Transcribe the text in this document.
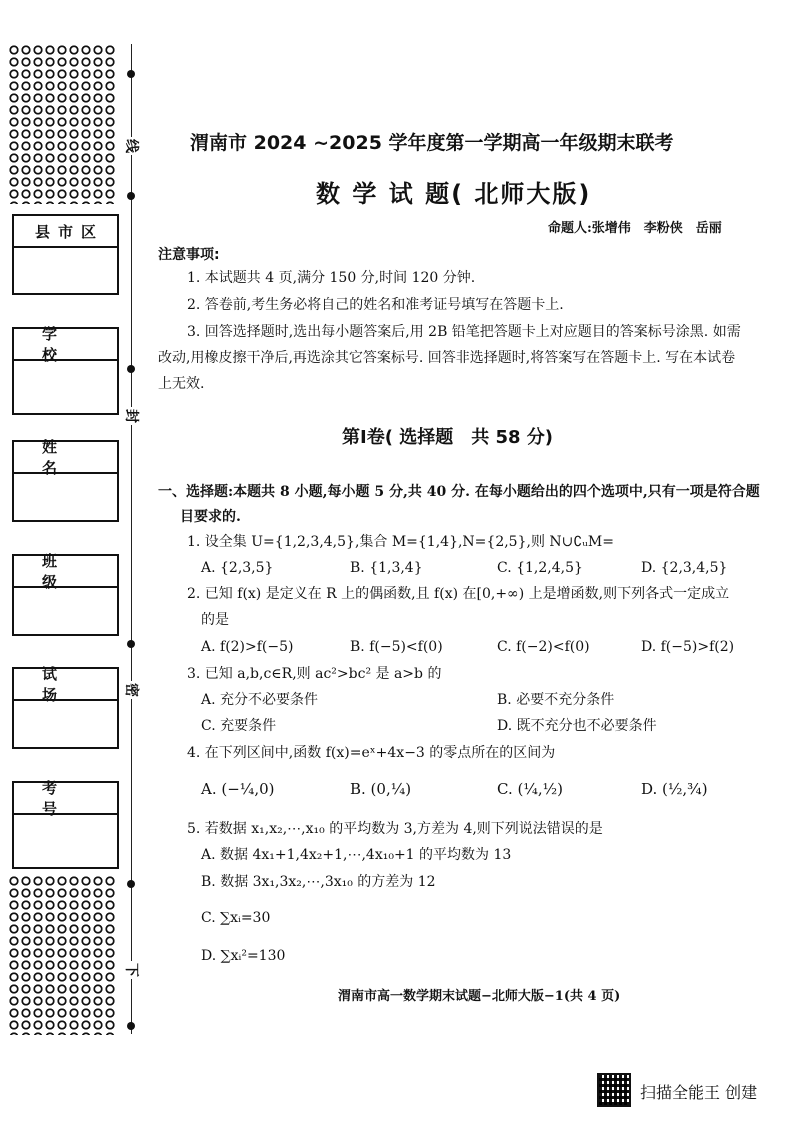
线
封
密
下
县市区
学校
姓名
班级
试场
考号
渭南市 2024 ~2025 学年度第一学期高一年级期末联考
数 学 试 题( 北师大版)
命题人:张增伟　李粉侠　岳丽
注意事项:
1. 本试题共 4 页,满分 150 分,时间 120 分钟.
2. 答卷前,考生务必将自己的姓名和准考证号填写在答题卡上.
3. 回答选择题时,选出每小题答案后,用 2B 铅笔把答题卡上对应题目的答案标号涂黑. 如需
改动,用橡皮擦干净后,再选涂其它答案标号. 回答非选择题时,将答案写在答题卡上. 写在本试卷
上无效.
第Ⅰ卷( 选择题　共 58 分)
一、选择题:本题共 8 小题,每小题 5 分,共 40 分. 在每小题给出的四个选项中,只有一项是符合题
目要求的.
1. 设全集 U={1,2,3,4,5},集合 M={1,4},N={2,5},则 N∪∁ᵤM=
A. {2,3,5}	B. {1,3,4}	C. {1,2,4,5}	D. {2,3,4,5}
2. 已知 f(x) 是定义在 R 上的偶函数,且 f(x) 在[0,+∞) 上是增函数,则下列各式一定成立
的是
A. f(2)>f(−5)	B. f(−5)<f(0)	C. f(−2)<f(0)	D. f(−5)>f(2)
3. 已知 a,b,c∈R,则 ac²>bc² 是 a>b 的
A. 充分不必要条件	B. 必要不充分条件
C. 充要条件	D. 既不充分也不必要条件
4. 在下列区间中,函数 f(x)=eˣ+4x−3 的零点所在的区间为
A. (−¼,0)	B. (0,¼)	C. (¼,½)	D. (½,¾)
5. 若数据 x₁,x₂,⋯,x₁₀ 的平均数为 3,方差为 4,则下列说法错误的是
A. 数据 4x₁+1,4x₂+1,⋯,4x₁₀+1 的平均数为 13
B. 数据 3x₁,3x₂,⋯,3x₁₀ 的方差为 12
C. ∑xᵢ=30
D. ∑xᵢ²=130
渭南市高一数学期末试题−北师大版−1(共 4 页)
扫描全能王 创建
